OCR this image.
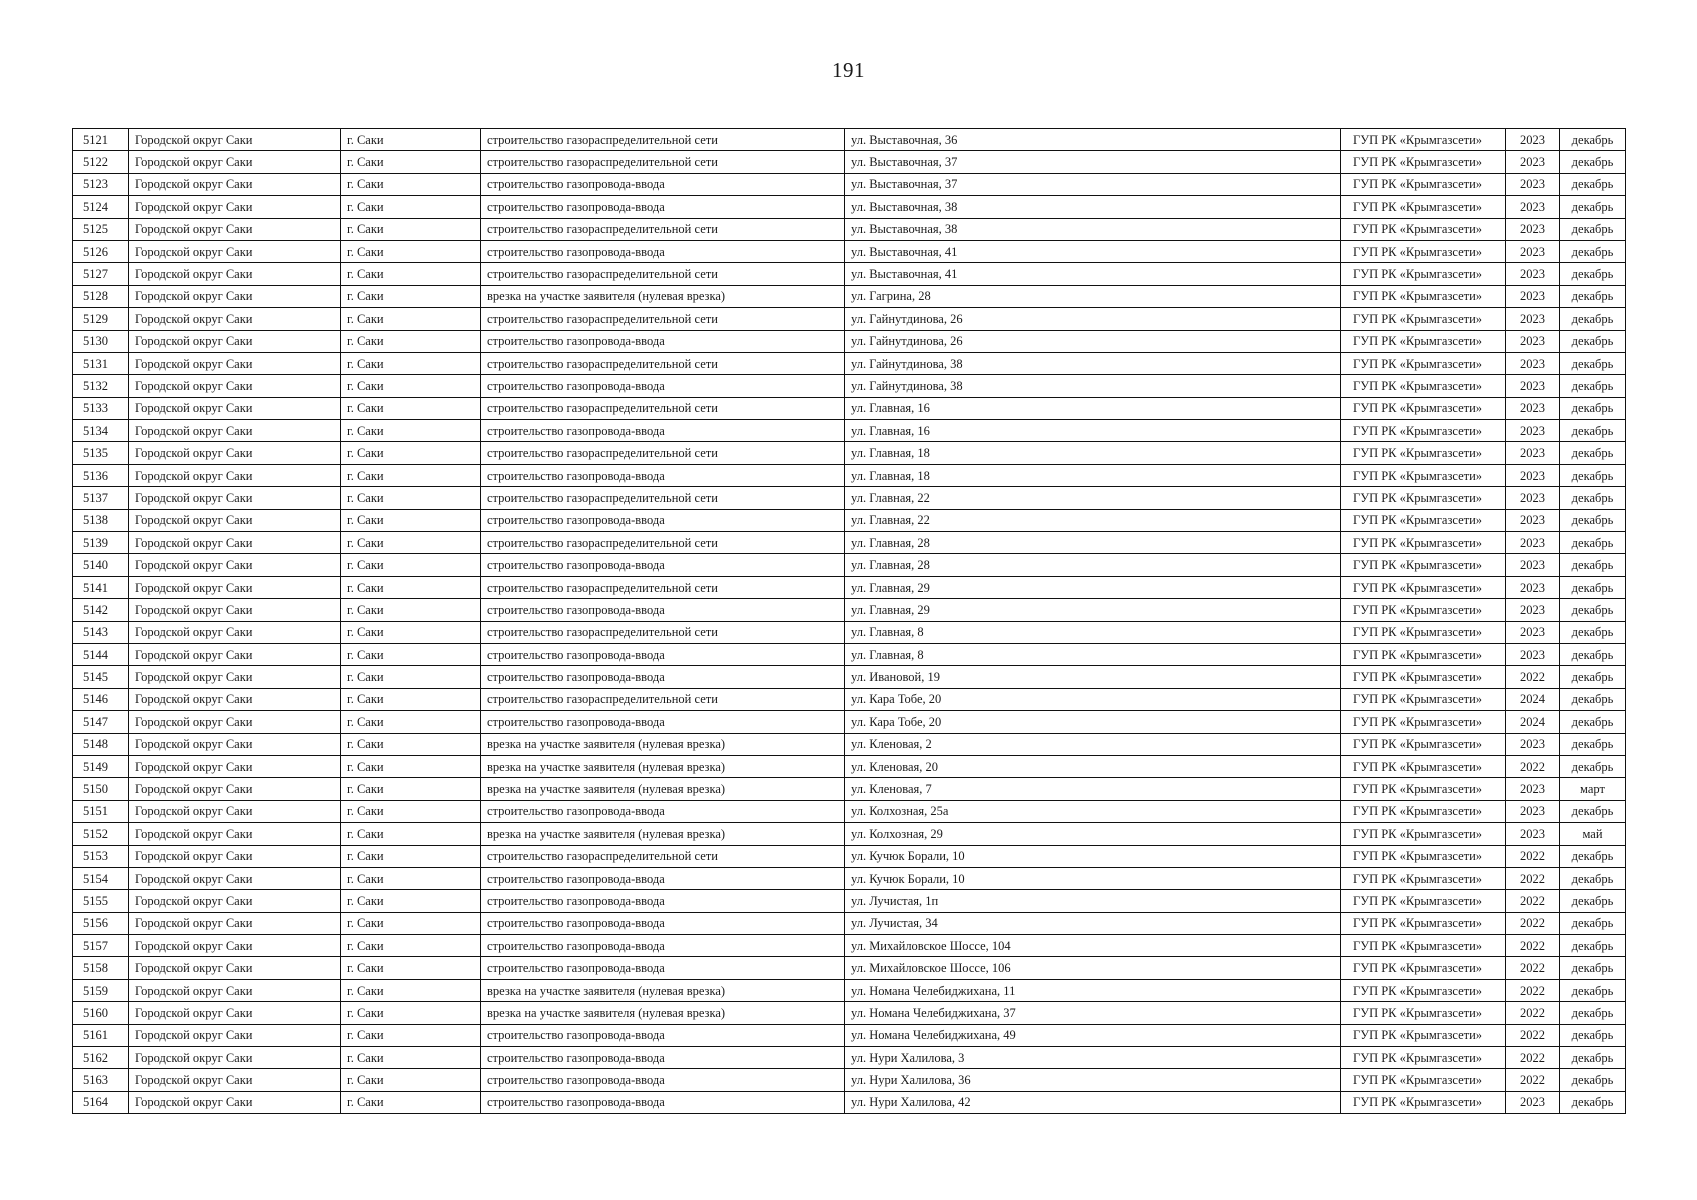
191
5121	Городской округ Саки	г. Саки	строительство газораспределительной сети	ул. Выставочная, 36	ГУП РК «Крымгазсети»	2023	декабрь
5122	Городской округ Саки	г. Саки	строительство газораспределительной сети	ул. Выставочная, 37	ГУП РК «Крымгазсети»	2023	декабрь
5123	Городской округ Саки	г. Саки	строительство газопровода-ввода	ул. Выставочная, 37	ГУП РК «Крымгазсети»	2023	декабрь
5124	Городской округ Саки	г. Саки	строительство газопровода-ввода	ул. Выставочная, 38	ГУП РК «Крымгазсети»	2023	декабрь
5125	Городской округ Саки	г. Саки	строительство газораспределительной сети	ул. Выставочная, 38	ГУП РК «Крымгазсети»	2023	декабрь
5126	Городской округ Саки	г. Саки	строительство газопровода-ввода	ул. Выставочная, 41	ГУП РК «Крымгазсети»	2023	декабрь
5127	Городской округ Саки	г. Саки	строительство газораспределительной сети	ул. Выставочная, 41	ГУП РК «Крымгазсети»	2023	декабрь
5128	Городской округ Саки	г. Саки	врезка на участке заявителя (нулевая врезка)	ул. Гагрина, 28	ГУП РК «Крымгазсети»	2023	декабрь
5129	Городской округ Саки	г. Саки	строительство газораспределительной сети	ул. Гайнутдинова, 26	ГУП РК «Крымгазсети»	2023	декабрь
5130	Городской округ Саки	г. Саки	строительство газопровода-ввода	ул. Гайнутдинова, 26	ГУП РК «Крымгазсети»	2023	декабрь
5131	Городской округ Саки	г. Саки	строительство газораспределительной сети	ул. Гайнутдинова, 38	ГУП РК «Крымгазсети»	2023	декабрь
5132	Городской округ Саки	г. Саки	строительство газопровода-ввода	ул. Гайнутдинова, 38	ГУП РК «Крымгазсети»	2023	декабрь
5133	Городской округ Саки	г. Саки	строительство газораспределительной сети	ул. Главная, 16	ГУП РК «Крымгазсети»	2023	декабрь
5134	Городской округ Саки	г. Саки	строительство газопровода-ввода	ул. Главная, 16	ГУП РК «Крымгазсети»	2023	декабрь
5135	Городской округ Саки	г. Саки	строительство газораспределительной сети	ул. Главная, 18	ГУП РК «Крымгазсети»	2023	декабрь
5136	Городской округ Саки	г. Саки	строительство газопровода-ввода	ул. Главная, 18	ГУП РК «Крымгазсети»	2023	декабрь
5137	Городской округ Саки	г. Саки	строительство газораспределительной сети	ул. Главная, 22	ГУП РК «Крымгазсети»	2023	декабрь
5138	Городской округ Саки	г. Саки	строительство газопровода-ввода	ул. Главная, 22	ГУП РК «Крымгазсети»	2023	декабрь
5139	Городской округ Саки	г. Саки	строительство газораспределительной сети	ул. Главная, 28	ГУП РК «Крымгазсети»	2023	декабрь
5140	Городской округ Саки	г. Саки	строительство газопровода-ввода	ул. Главная, 28	ГУП РК «Крымгазсети»	2023	декабрь
5141	Городской округ Саки	г. Саки	строительство газораспределительной сети	ул. Главная, 29	ГУП РК «Крымгазсети»	2023	декабрь
5142	Городской округ Саки	г. Саки	строительство газопровода-ввода	ул. Главная, 29	ГУП РК «Крымгазсети»	2023	декабрь
5143	Городской округ Саки	г. Саки	строительство газораспределительной сети	ул. Главная, 8	ГУП РК «Крымгазсети»	2023	декабрь
5144	Городской округ Саки	г. Саки	строительство газопровода-ввода	ул. Главная, 8	ГУП РК «Крымгазсети»	2023	декабрь
5145	Городской округ Саки	г. Саки	строительство газопровода-ввода	ул. Ивановой, 19	ГУП РК «Крымгазсети»	2022	декабрь
5146	Городской округ Саки	г. Саки	строительство газораспределительной сети	ул. Кара Тобе, 20	ГУП РК «Крымгазсети»	2024	декабрь
5147	Городской округ Саки	г. Саки	строительство газопровода-ввода	ул. Кара Тобе, 20	ГУП РК «Крымгазсети»	2024	декабрь
5148	Городской округ Саки	г. Саки	врезка на участке заявителя (нулевая врезка)	ул. Кленовая, 2	ГУП РК «Крымгазсети»	2023	декабрь
5149	Городской округ Саки	г. Саки	врезка на участке заявителя (нулевая врезка)	ул. Кленовая, 20	ГУП РК «Крымгазсети»	2022	декабрь
5150	Городской округ Саки	г. Саки	врезка на участке заявителя (нулевая врезка)	ул. Кленовая, 7	ГУП РК «Крымгазсети»	2023	март
5151	Городской округ Саки	г. Саки	строительство газопровода-ввода	ул. Колхозная, 25а	ГУП РК «Крымгазсети»	2023	декабрь
5152	Городской округ Саки	г. Саки	врезка на участке заявителя (нулевая врезка)	ул. Колхозная, 29	ГУП РК «Крымгазсети»	2023	май
5153	Городской округ Саки	г. Саки	строительство газораспределительной сети	ул. Кучюк Борали, 10	ГУП РК «Крымгазсети»	2022	декабрь
5154	Городской округ Саки	г. Саки	строительство газопровода-ввода	ул. Кучюк Борали, 10	ГУП РК «Крымгазсети»	2022	декабрь
5155	Городской округ Саки	г. Саки	строительство газопровода-ввода	ул. Лучистая, 1п	ГУП РК «Крымгазсети»	2022	декабрь
5156	Городской округ Саки	г. Саки	строительство газопровода-ввода	ул. Лучистая, 34	ГУП РК «Крымгазсети»	2022	декабрь
5157	Городской округ Саки	г. Саки	строительство газопровода-ввода	ул. Михайловское Шоссе, 104	ГУП РК «Крымгазсети»	2022	декабрь
5158	Городской округ Саки	г. Саки	строительство газопровода-ввода	ул. Михайловское Шоссе, 106	ГУП РК «Крымгазсети»	2022	декабрь
5159	Городской округ Саки	г. Саки	врезка на участке заявителя (нулевая врезка)	ул. Номана Челебиджихана, 11	ГУП РК «Крымгазсети»	2022	декабрь
5160	Городской округ Саки	г. Саки	врезка на участке заявителя (нулевая врезка)	ул. Номана Челебиджихана, 37	ГУП РК «Крымгазсети»	2022	декабрь
5161	Городской округ Саки	г. Саки	строительство газопровода-ввода	ул. Номана Челебиджихана, 49	ГУП РК «Крымгазсети»	2022	декабрь
5162	Городской округ Саки	г. Саки	строительство газопровода-ввода	ул. Нури Халилова, 3	ГУП РК «Крымгазсети»	2022	декабрь
5163	Городской округ Саки	г. Саки	строительство газопровода-ввода	ул. Нури Халилова, 36	ГУП РК «Крымгазсети»	2022	декабрь
5164	Городской округ Саки	г. Саки	строительство газопровода-ввода	ул. Нури Халилова, 42	ГУП РК «Крымгазсети»	2023	декабрь
